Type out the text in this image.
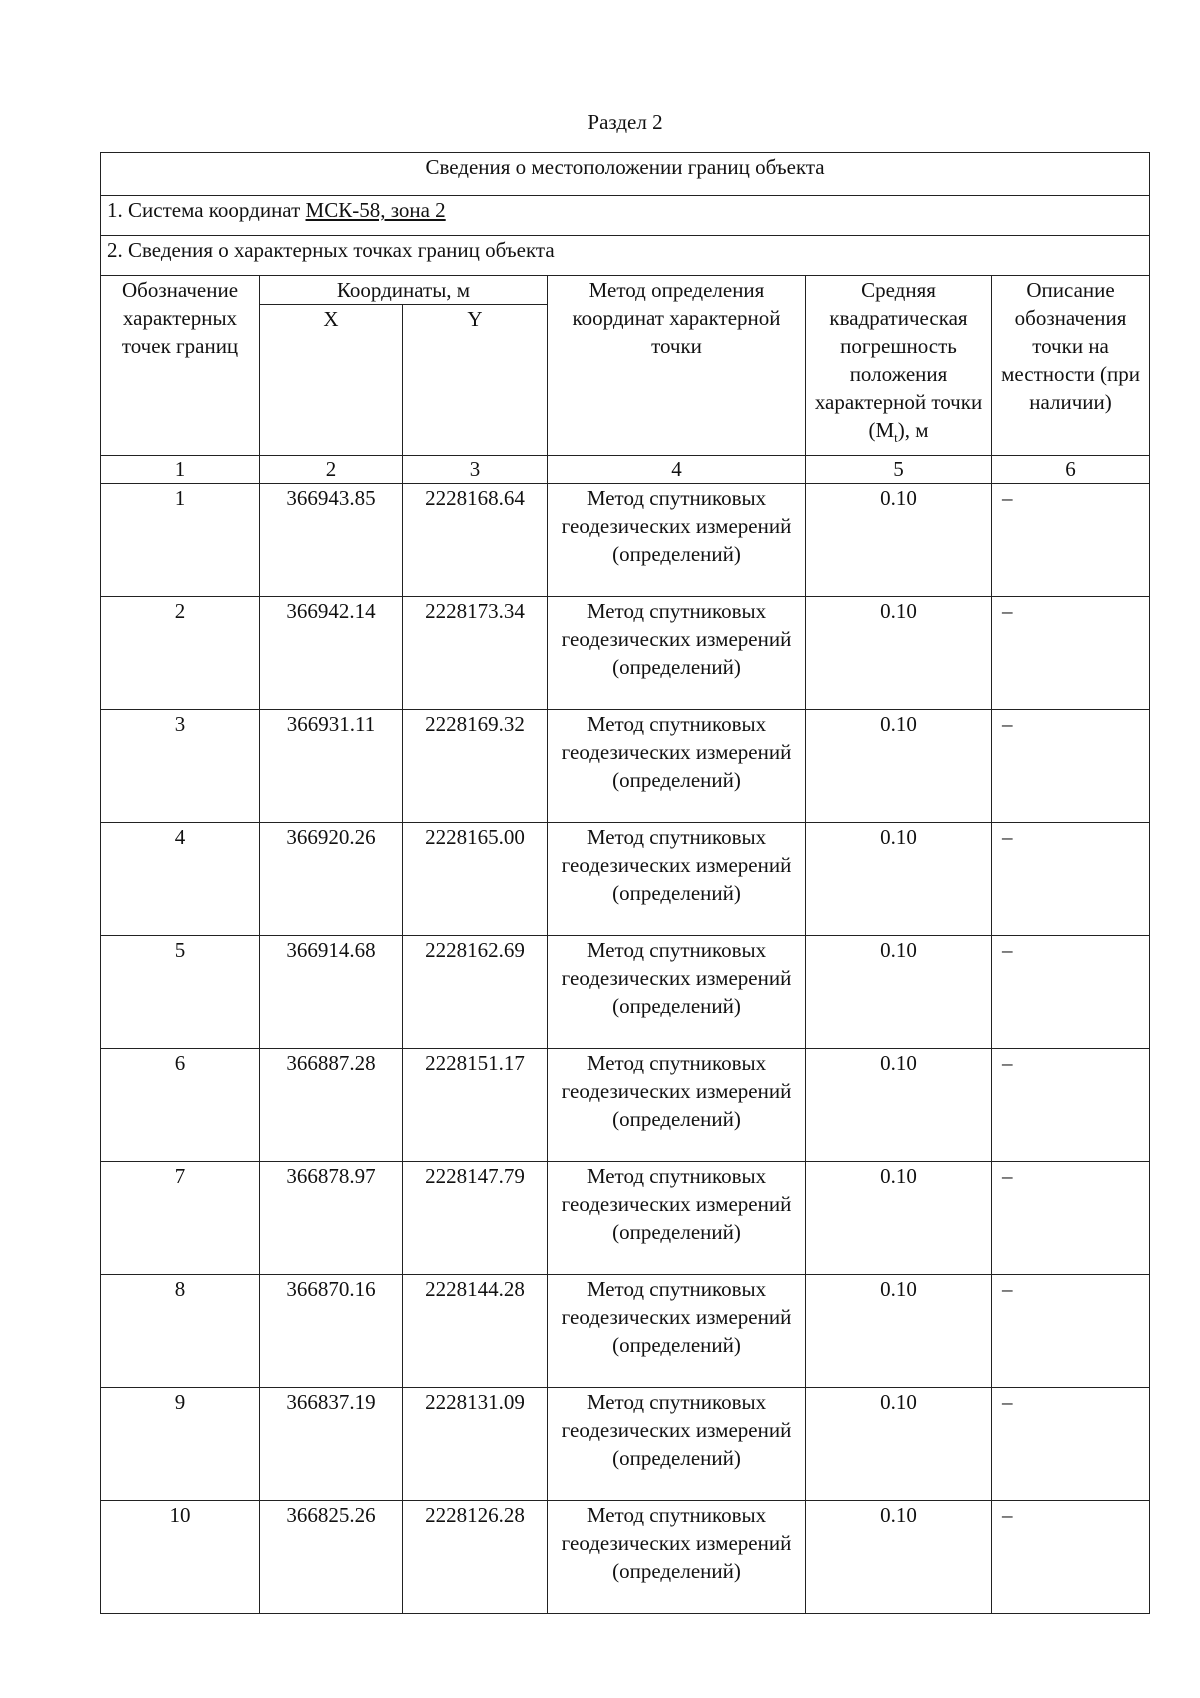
Раздел 2
Сведения о местоположении границ объекта					
1. Система координат МСК-58, зона 2					
2. Сведения о характерных точках границ объекта					
Обозначение характерных точек границ	Координаты, м		Метод определения координат характерной точки	Средняя квадратическая погрешность положения характерной точки $(M_t)$, м	Описание обозначения точки на местности (при наличии)
	X	Y			
1	2	3	4	5	6
1	366943.85	2228168.64	Метод спутниковых геодезических измерений (определений)	0.10	–
2	366942.14	2228173.34	Метод спутниковых геодезических измерений (определений)	0.10	–
3	366931.11	2228169.32	Метод спутниковых геодезических измерений (определений)	0.10	–
4	366920.26	2228165.00	Метод спутниковых геодезических измерений (определений)	0.10	–
5	366914.68	2228162.69	Метод спутниковых геодезических измерений (определений)	0.10	–
6	366887.28	2228151.17	Метод спутниковых геодезических измерений (определений)	0.10	–
7	366878.97	2228147.79	Метод спутниковых геодезических измерений (определений)	0.10	–
8	366870.16	2228144.28	Метод спутниковых геодезических измерений (определений)	0.10	–
9	366837.19	2228131.09	Метод спутниковых геодезических измерений (определений)	0.10	–
10	366825.26	2228126.28	Метод спутниковых геодезических измерений (определений)	0.10	–
